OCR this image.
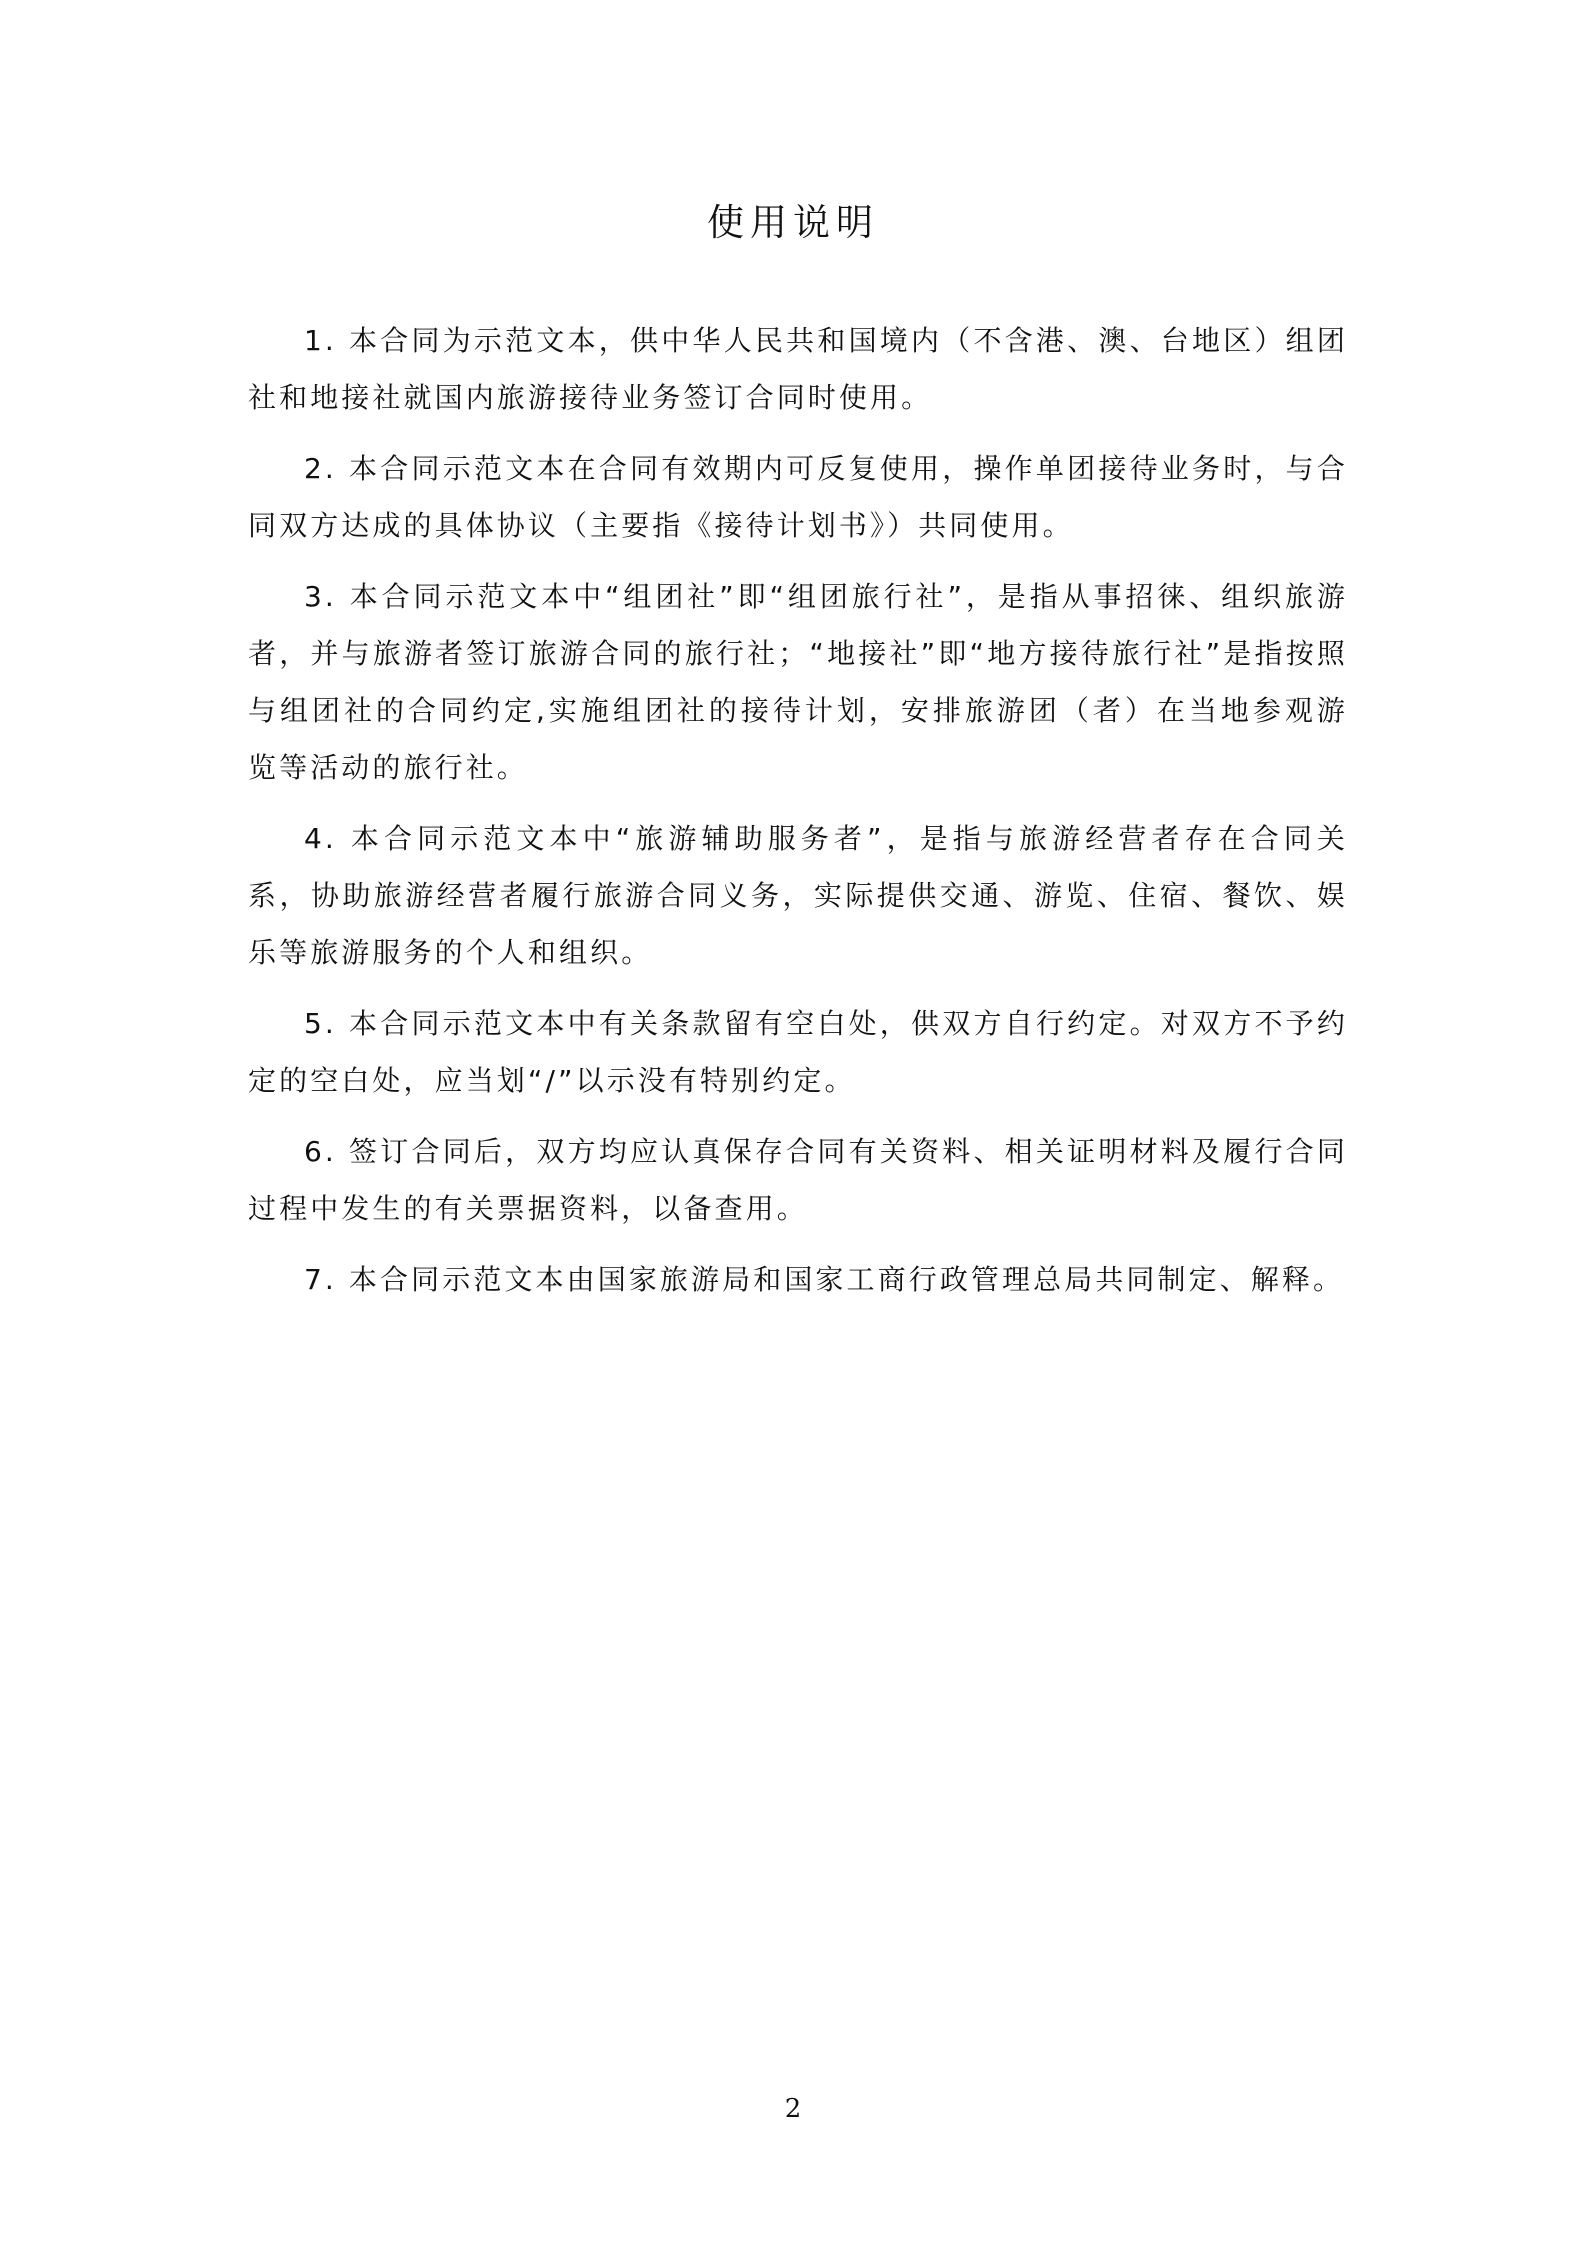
使用说明

1. 本合同为示范文本，供中华人民共和国境内（不含港、澳、台地区）组团社和地接社就国内旅游接待业务签订合同时使用。

2. 本合同示范文本在合同有效期内可反复使用，操作单团接待业务时，与合同双方达成的具体协议（主要指《接待计划书》）共同使用。

3. 本合同示范文本中“组团社”即“组团旅行社”，是指从事招徕、组织旅游者，并与旅游者签订旅游合同的旅行社；“地接社”即“地方接待旅行社”是指按照与组团社的合同约定,实施组团社的接待计划，安排旅游团（者）在当地参观游览等活动的旅行社。

4. 本合同示范文本中“旅游辅助服务者”，是指与旅游经营者存在合同关系，协助旅游经营者履行旅游合同义务，实际提供交通、游览、住宿、餐饮、娱乐等旅游服务的个人和组织。

5. 本合同示范文本中有关条款留有空白处，供双方自行约定。对双方不予约定的空白处，应当划“/”以示没有特别约定。

6. 签订合同后，双方均应认真保存合同有关资料、相关证明材料及履行合同过程中发生的有关票据资料，以备查用。

7. 本合同示范文本由国家旅游局和国家工商行政管理总局共同制定、解释。

2
